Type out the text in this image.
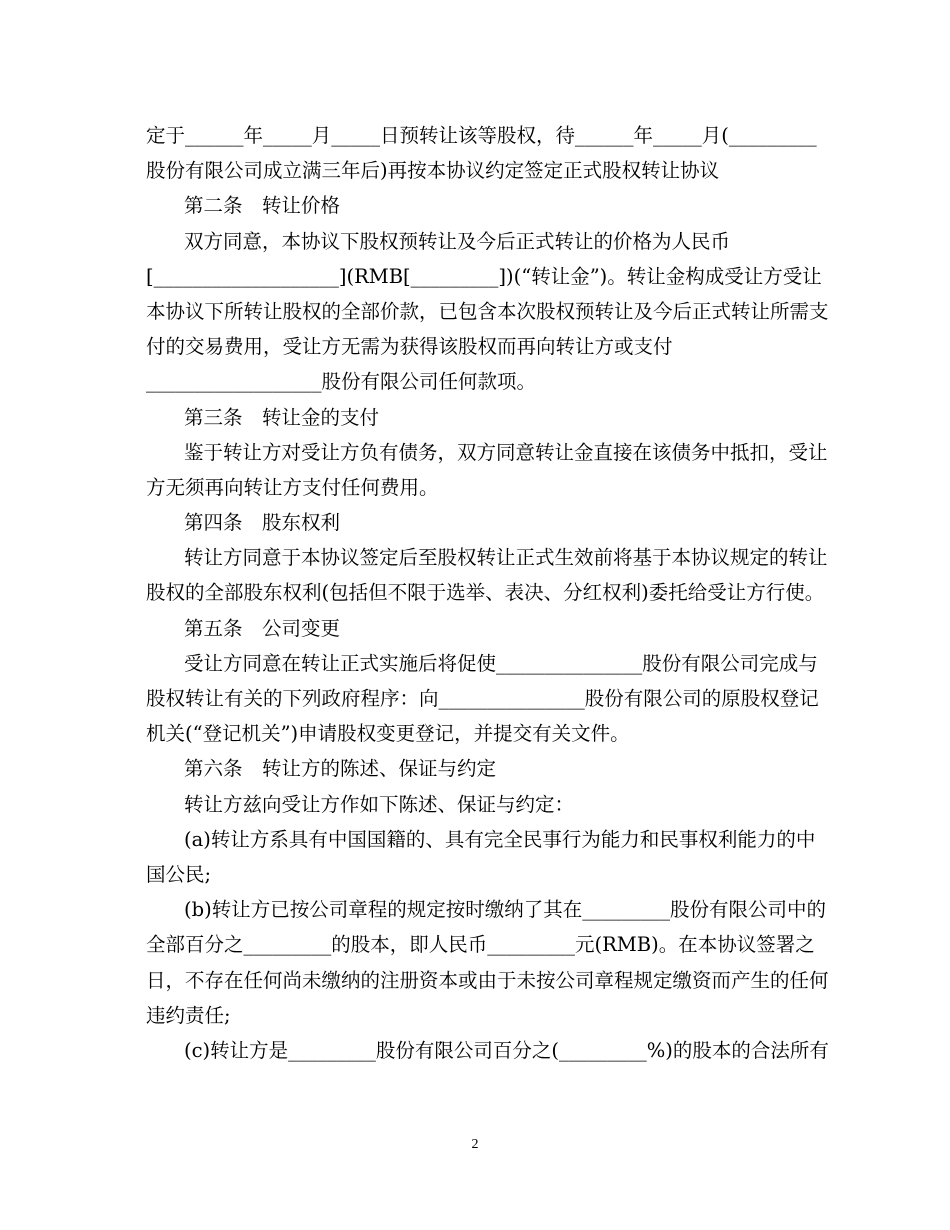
定于______年_____月_____日预转让该等股权，待______年_____月(_________
股份有限公司成立满三年后)再按本协议约定签定正式股权转让协议
第二条　转让价格
双方同意，本协议下股权预转让及今后正式转让的价格为人民币
[___________________](RMB[_________])(“转让金”)。转让金构成受让方受让
本协议下所转让股权的全部价款，已包含本次股权预转让及今后正式转让所需支
付的交易费用，受让方无需为获得该股权而再向转让方或支付
__________________股份有限公司任何款项。
第三条　转让金的支付
鉴于转让方对受让方负有债务，双方同意转让金直接在该债务中抵扣，受让
方无须再向转让方支付任何费用。
第四条　股东权利
转让方同意于本协议签定后至股权转让正式生效前将基于本协议规定的转让
股权的全部股东权利(包括但不限于选举、表决、分红权利)委托给受让方行使。
第五条　公司变更
受让方同意在转让正式实施后将促使_______________股份有限公司完成与
股权转让有关的下列政府程序：向_______________股份有限公司的原股权登记
机关(“登记机关”)申请股权变更登记，并提交有关文件。
第六条　转让方的陈述、保证与约定
转让方兹向受让方作如下陈述、保证与约定：
(a)转让方系具有中国国籍的、具有完全民事行为能力和民事权利能力的中
国公民;
(b)转让方已按公司章程的规定按时缴纳了其在_________股份有限公司中的
全部百分之_________的股本，即人民币_________元(RMB)。在本协议签署之
日，不存在任何尚未缴纳的注册资本或由于未按公司章程规定缴资而产生的任何
违约责任;
(c)转让方是_________股份有限公司百分之(_________%)的股本的合法所有
2
